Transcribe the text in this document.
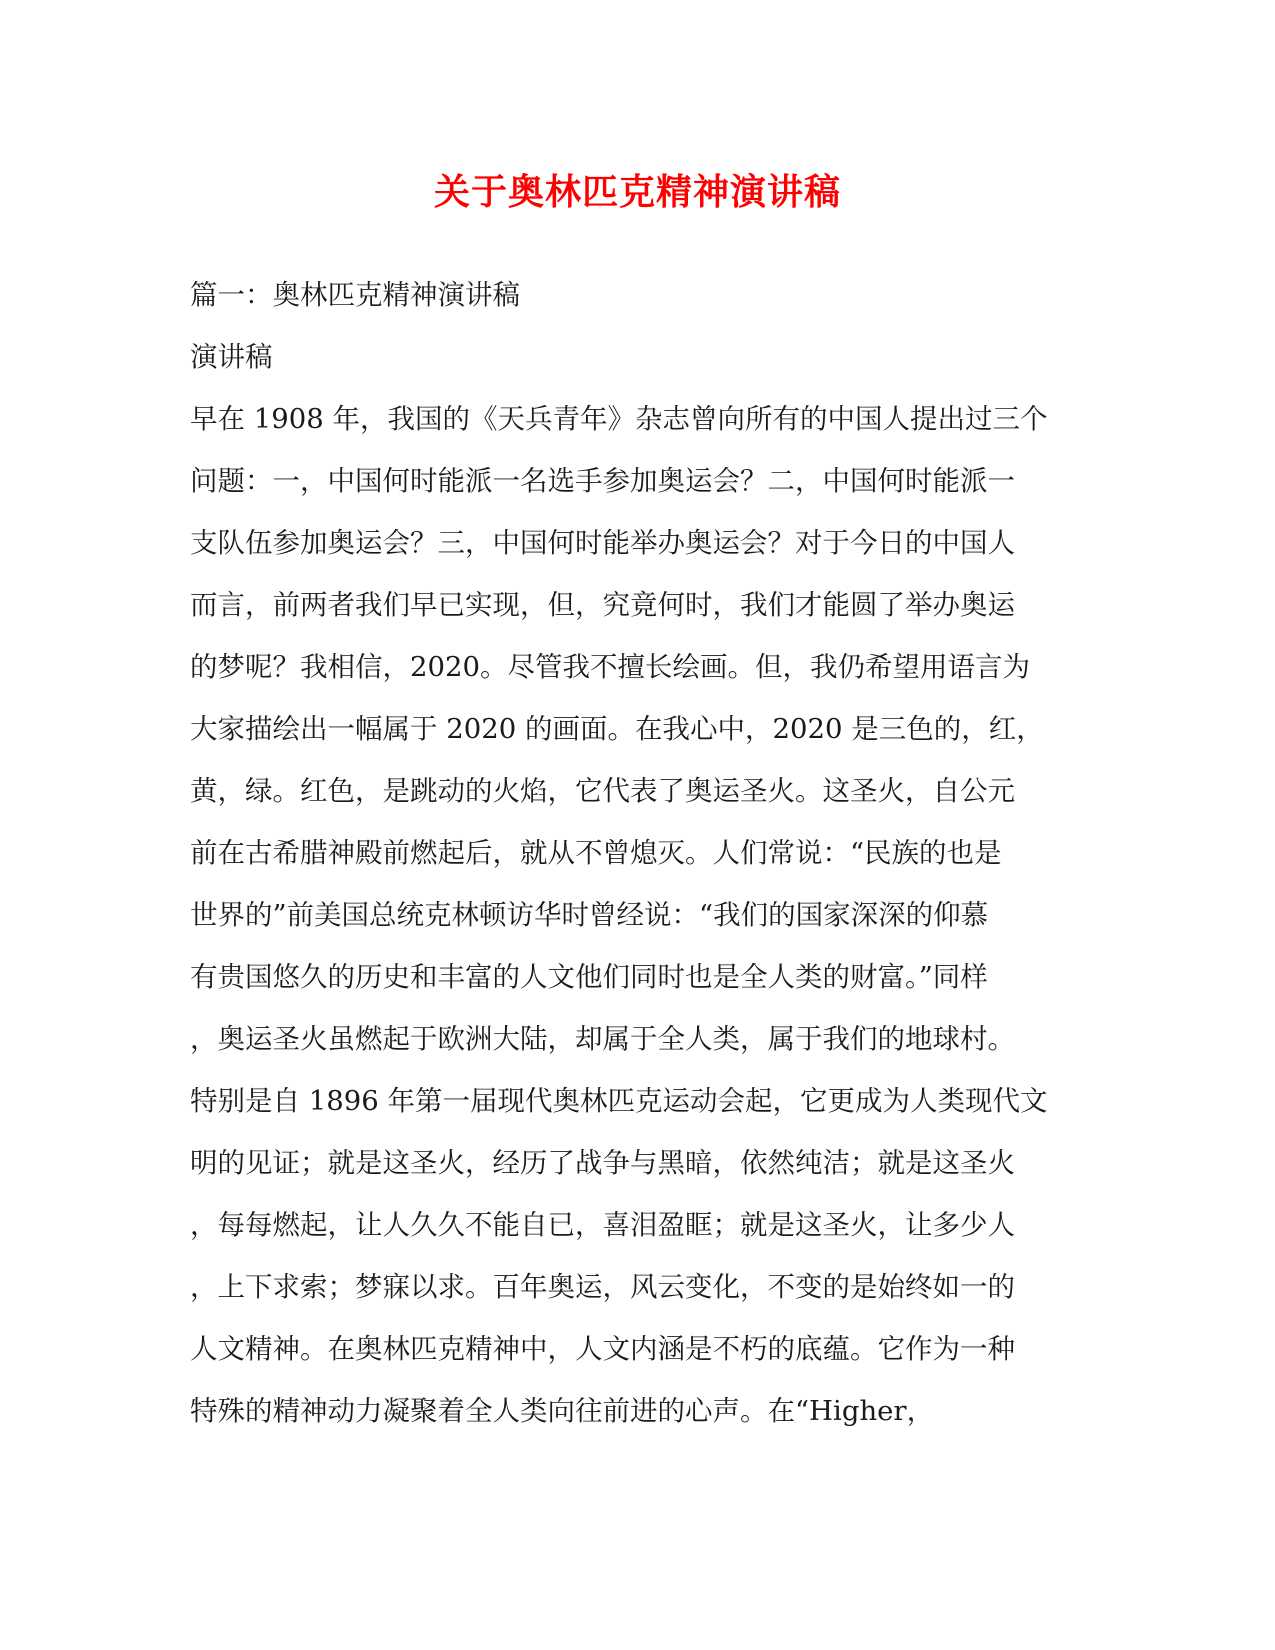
关于奥林匹克精神演讲稿
篇一：奥林匹克精神演讲稿
演讲稿
早在 1908 年，我国的《天兵青年》杂志曾向所有的中国人提出过三个
问题：一，中国何时能派一名选手参加奥运会？二，中国何时能派一
支队伍参加奥运会？三，中国何时能举办奥运会？对于今日的中国人
而言，前两者我们早已实现，但，究竟何时，我们才能圆了举办奥运
的梦呢？我相信，2020。尽管我不擅长绘画。但，我仍希望用语言为
大家描绘出一幅属于 2020 的画面。在我心中，2020 是三色的，红，
黄，绿。红色，是跳动的火焰，它代表了奥运圣火。这圣火，自公元
前在古希腊神殿前燃起后，就从不曾熄灭。人们常说：“民族的也是
世界的”前美国总统克林顿访华时曾经说：“我们的国家深深的仰慕
有贵国悠久的历史和丰富的人文他们同时也是全人类的财富。”同样
，奥运圣火虽燃起于欧洲大陆，却属于全人类，属于我们的地球村。
特别是自 1896 年第一届现代奥林匹克运动会起，它更成为人类现代文
明的见证；就是这圣火，经历了战争与黑暗，依然纯洁；就是这圣火
，每每燃起，让人久久不能自已，喜泪盈眶；就是这圣火，让多少人
，上下求索；梦寐以求。百年奥运，风云变化，不变的是始终如一的
人文精神。在奥林匹克精神中，人文内涵是不朽的底蕴。它作为一种
特殊的精神动力凝聚着全人类向往前进的心声。在“Higher，
